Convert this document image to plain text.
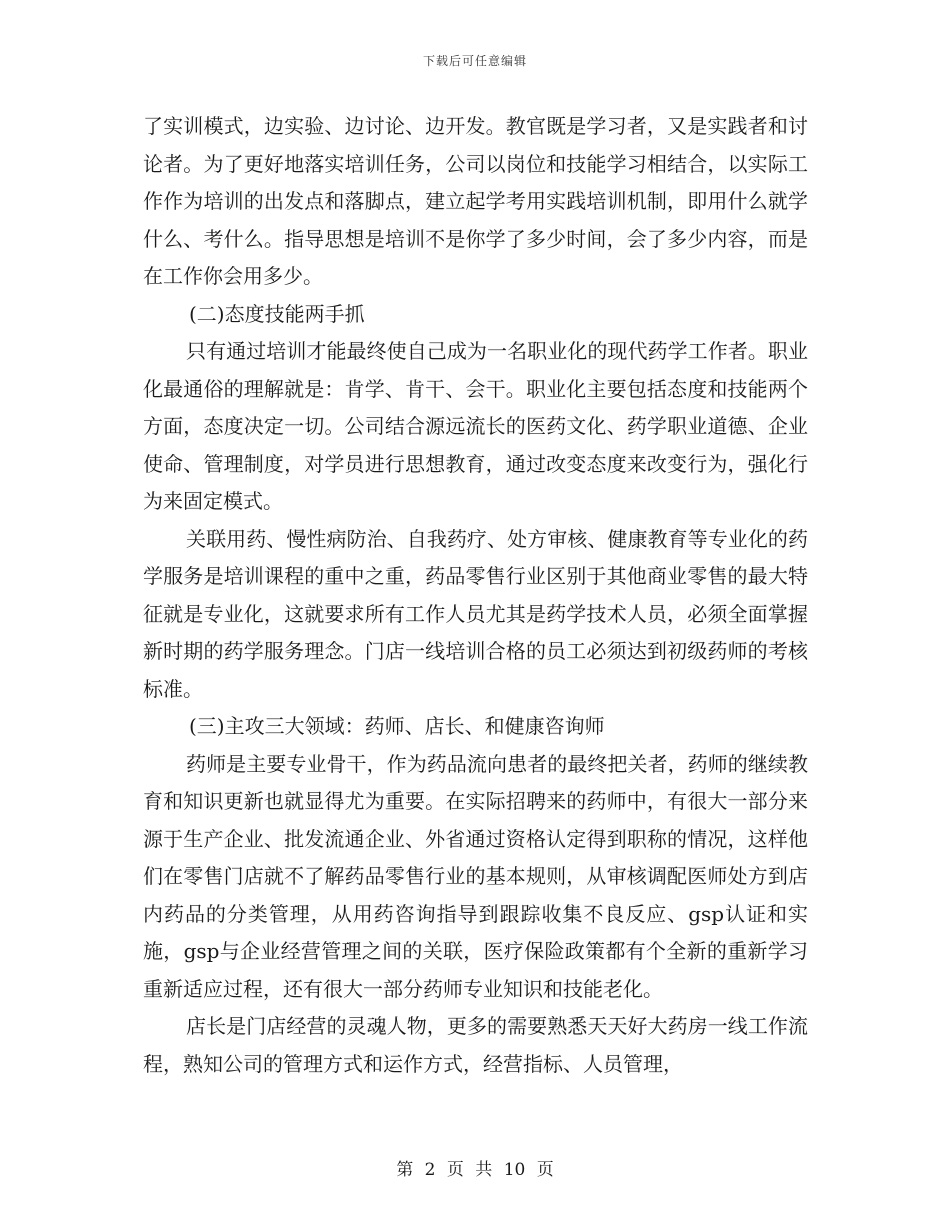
下载后可任意编辑

了实训模式，边实验、边讨论、边开发。教官既是学习者，又是实践者和讨论者。为了更好地落实培训任务，公司以岗位和技能学习相结合，以实际工作作为培训的出发点和落脚点，建立起学考用实践培训机制，即用什么就学什么、考什么。指导思想是培训不是你学了多少时间，会了多少内容，而是在工作你会用多少。

(二)态度技能两手抓

只有通过培训才能最终使自己成为一名职业化的现代药学工作者。职业化最通俗的理解就是：肯学、肯干、会干。职业化主要包括态度和技能两个方面，态度决定一切。公司结合源远流长的医药文化、药学职业道德、企业使命、管理制度，对学员进行思想教育，通过改变态度来改变行为，强化行为来固定模式。

关联用药、慢性病防治、自我药疗、处方审核、健康教育等专业化的药学服务是培训课程的重中之重，药品零售行业区别于其他商业零售的最大特征就是专业化，这就要求所有工作人员尤其是药学技术人员，必须全面掌握新时期的药学服务理念。门店一线培训合格的员工必须达到初级药师的考核标准。

(三)主攻三大领域：药师、店长、和健康咨询师

药师是主要专业骨干，作为药品流向患者的最终把关者，药师的继续教育和知识更新也就显得尤为重要。在实际招聘来的药师中，有很大一部分来源于生产企业、批发流通企业、外省通过资格认定得到职称的情况，这样他们在零售门店就不了解药品零售行业的基本规则，从审核调配医师处方到店内药品的分类管理，从用药咨询指导到跟踪收集不良反应、gsp认证和实施，gsp与企业经营管理之间的关联，医疗保险政策都有个全新的重新学习重新适应过程，还有很大一部分药师专业知识和技能老化。

店长是门店经营的灵魂人物，更多的需要熟悉天天好大药房一线工作流程，熟知公司的管理方式和运作方式，经营指标、人员管理，

第 2 页 共 10 页
